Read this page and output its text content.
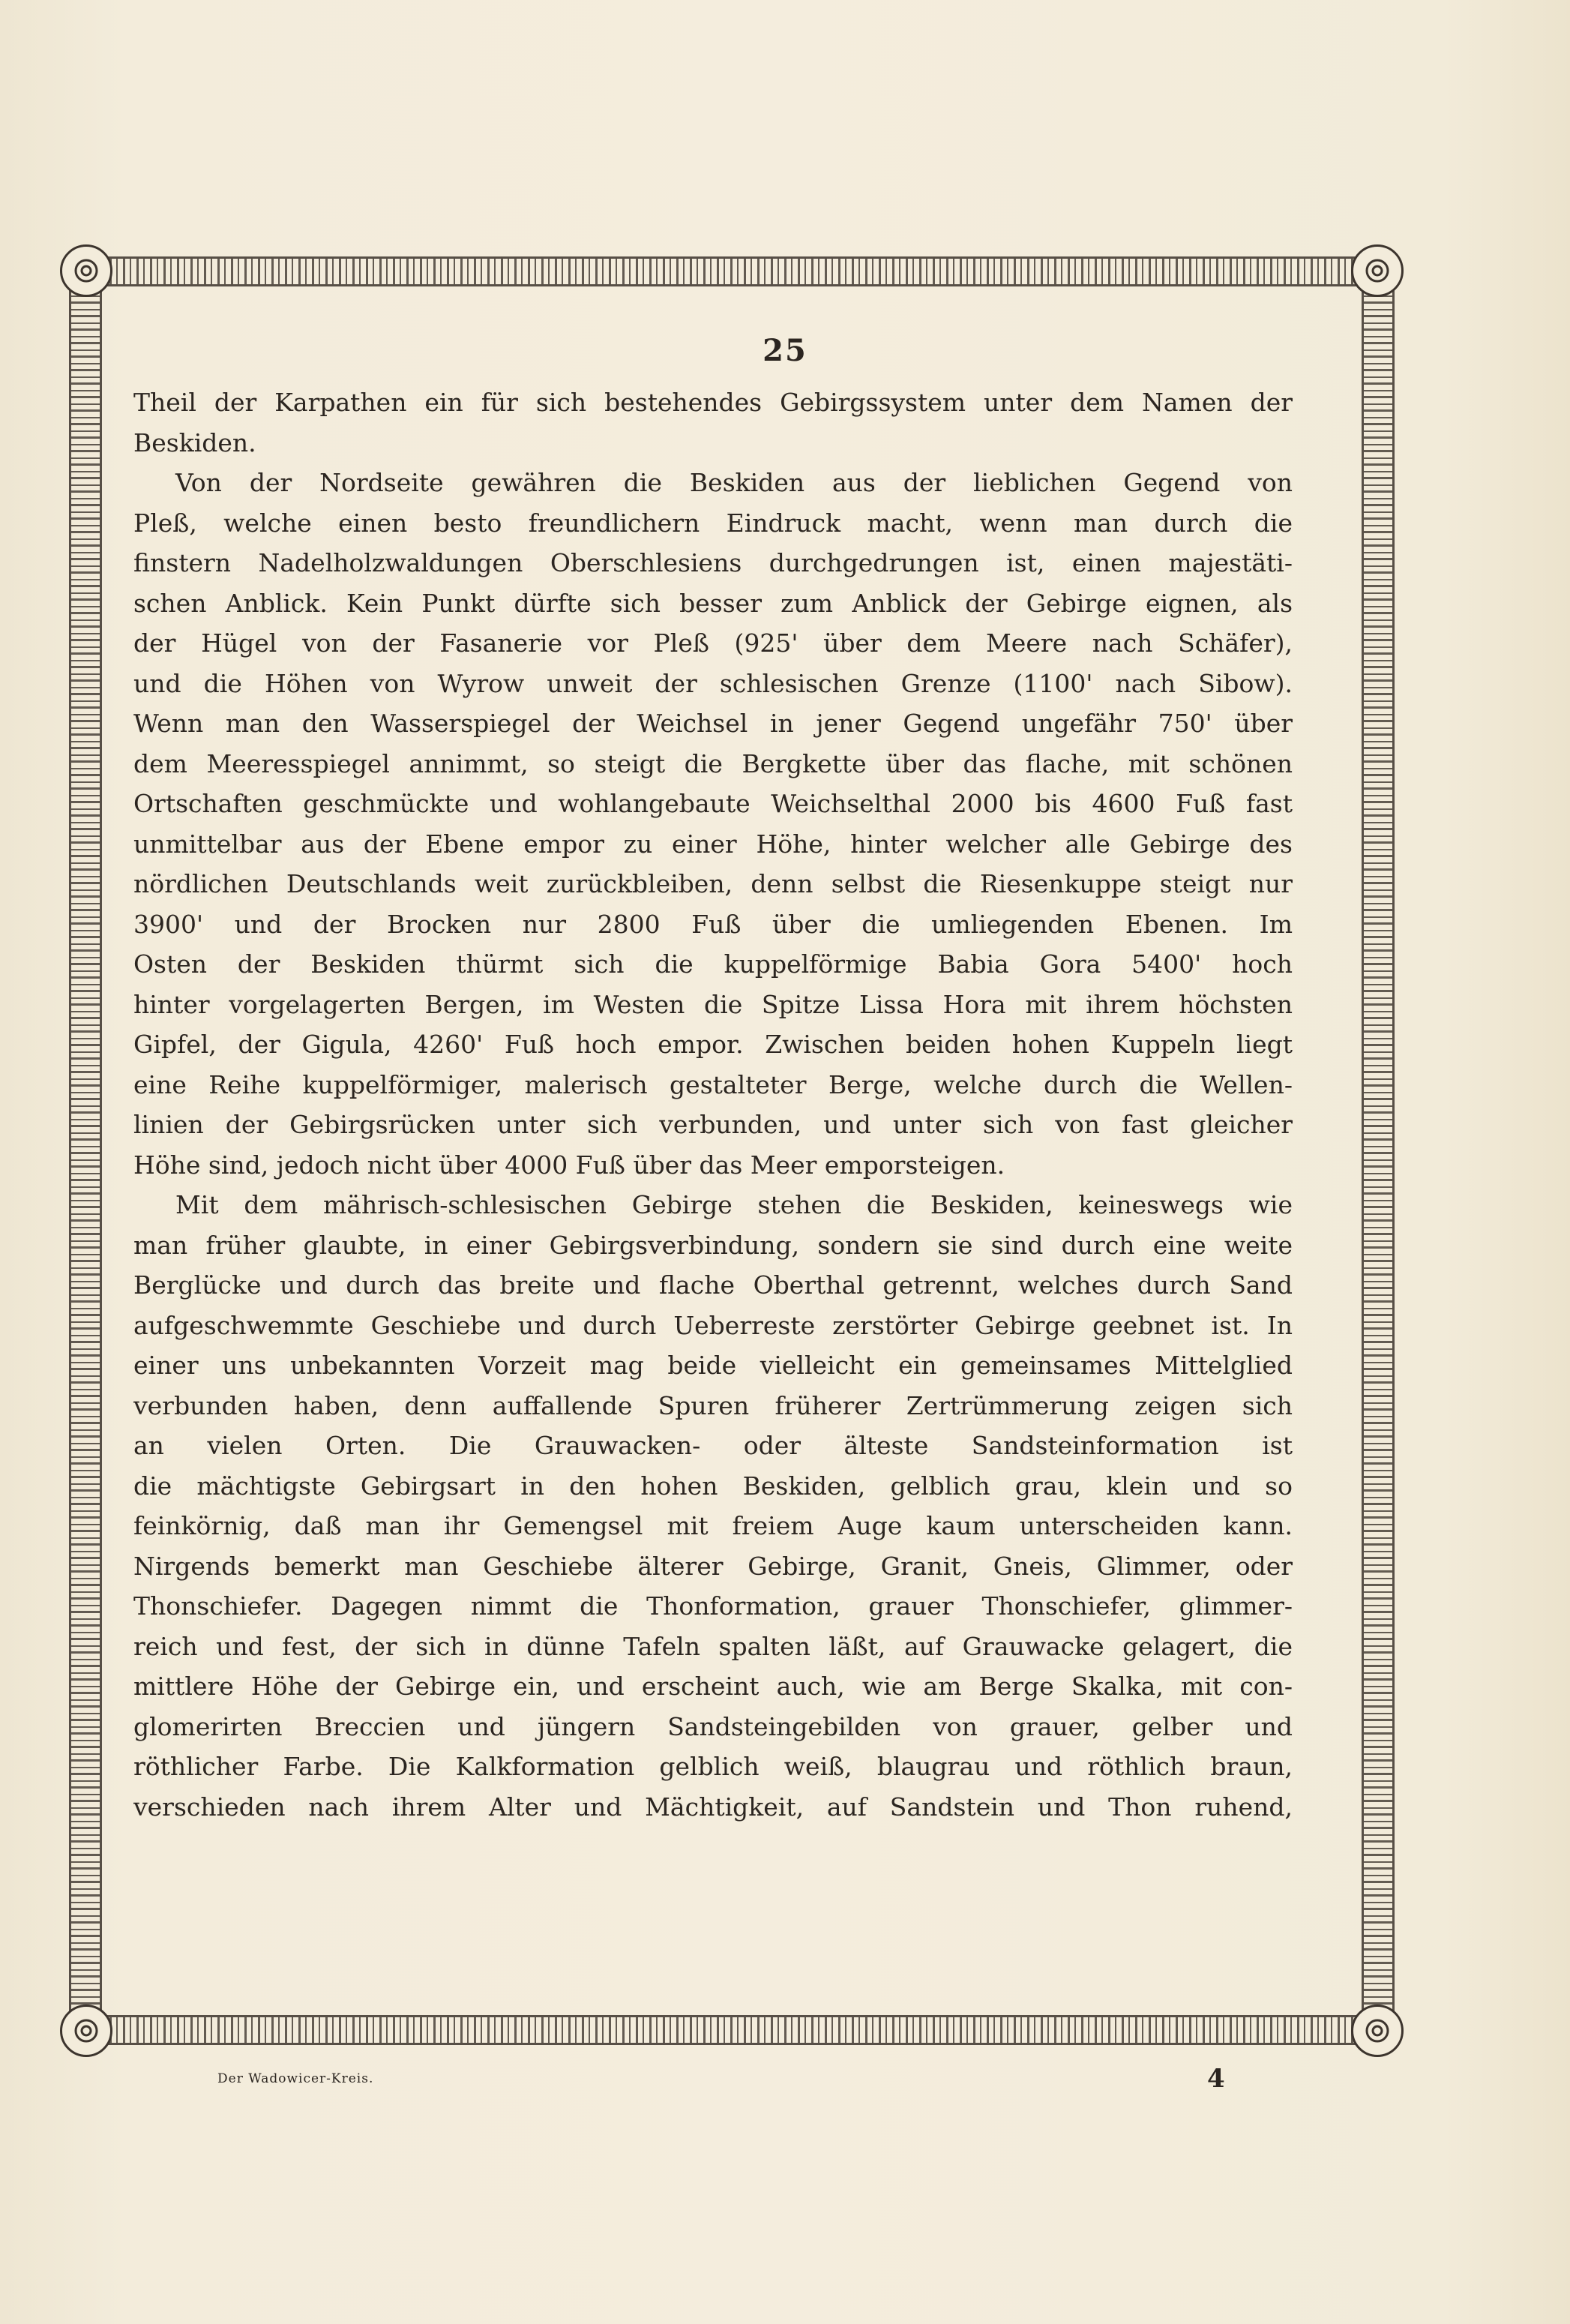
25
Theil der Karpathen ein für sich bestehendes Gebirgssystem unter dem Namen der
Beskiden.
Von der Nordseite gewähren die Beskiden aus der lieblichen Gegend von
Pleß, welche einen besto freundlichern Eindruck macht, wenn man durch die
finstern Nadelholzwaldungen Oberschlesiens durchgedrungen ist, einen majestäti-
schen Anblick. Kein Punkt dürfte sich besser zum Anblick der Gebirge eignen, als
der Hügel von der Fasanerie vor Pleß (925' über dem Meere nach Schäfer),
und die Höhen von Wyrow unweit der schlesischen Grenze (1100' nach Sibow).
Wenn man den Wasserspiegel der Weichsel in jener Gegend ungefähr 750' über
dem Meeresspiegel annimmt, so steigt die Bergkette über das flache, mit schönen
Ortschaften geschmückte und wohlangebaute Weichselthal 2000 bis 4600 Fuß fast
unmittelbar aus der Ebene empor zu einer Höhe, hinter welcher alle Gebirge des
nördlichen Deutschlands weit zurückbleiben, denn selbst die Riesenkuppe steigt nur
3900' und der Brocken nur 2800 Fuß über die umliegenden Ebenen. Im
Osten der Beskiden thürmt sich die kuppelförmige Babia Gora 5400' hoch
hinter vorgelagerten Bergen, im Westen die Spitze Lissa Hora mit ihrem höchsten
Gipfel, der Gigula, 4260' Fuß hoch empor. Zwischen beiden hohen Kuppeln liegt
eine Reihe kuppelförmiger, malerisch gestalteter Berge, welche durch die Wellen-
linien der Gebirgsrücken unter sich verbunden, und unter sich von fast gleicher
Höhe sind, jedoch nicht über 4000 Fuß über das Meer emporsteigen.
Mit dem mährisch-schlesischen Gebirge stehen die Beskiden, keineswegs wie
man früher glaubte, in einer Gebirgsverbindung, sondern sie sind durch eine weite
Berglücke und durch das breite und flache Oberthal getrennt, welches durch Sand
aufgeschwemmte Geschiebe und durch Ueberreste zerstörter Gebirge geebnet ist. In
einer uns unbekannten Vorzeit mag beide vielleicht ein gemeinsames Mittelglied
verbunden haben, denn auffallende Spuren früherer Zertrümmerung zeigen sich
an vielen Orten. Die Grauwacken- oder älteste Sandsteinformation ist
die mächtigste Gebirgsart in den hohen Beskiden, gelblich grau, klein und so
feinkörnig, daß man ihr Gemengsel mit freiem Auge kaum unterscheiden kann.
Nirgends bemerkt man Geschiebe älterer Gebirge, Granit, Gneis, Glimmer, oder
Thonschiefer. Dagegen nimmt die Thonformation, grauer Thonschiefer, glimmer-
reich und fest, der sich in dünne Tafeln spalten läßt, auf Grauwacke gelagert, die
mittlere Höhe der Gebirge ein, und erscheint auch, wie am Berge Skalka, mit con-
glomerirten Breccien und jüngern Sandsteingebilden von grauer, gelber und
röthlicher Farbe. Die Kalkformation gelblich weiß, blaugrau und röthlich braun,
verschieden nach ihrem Alter und Mächtigkeit, auf Sandstein und Thon ruhend,
Der Wadowicer-Kreis.	4
